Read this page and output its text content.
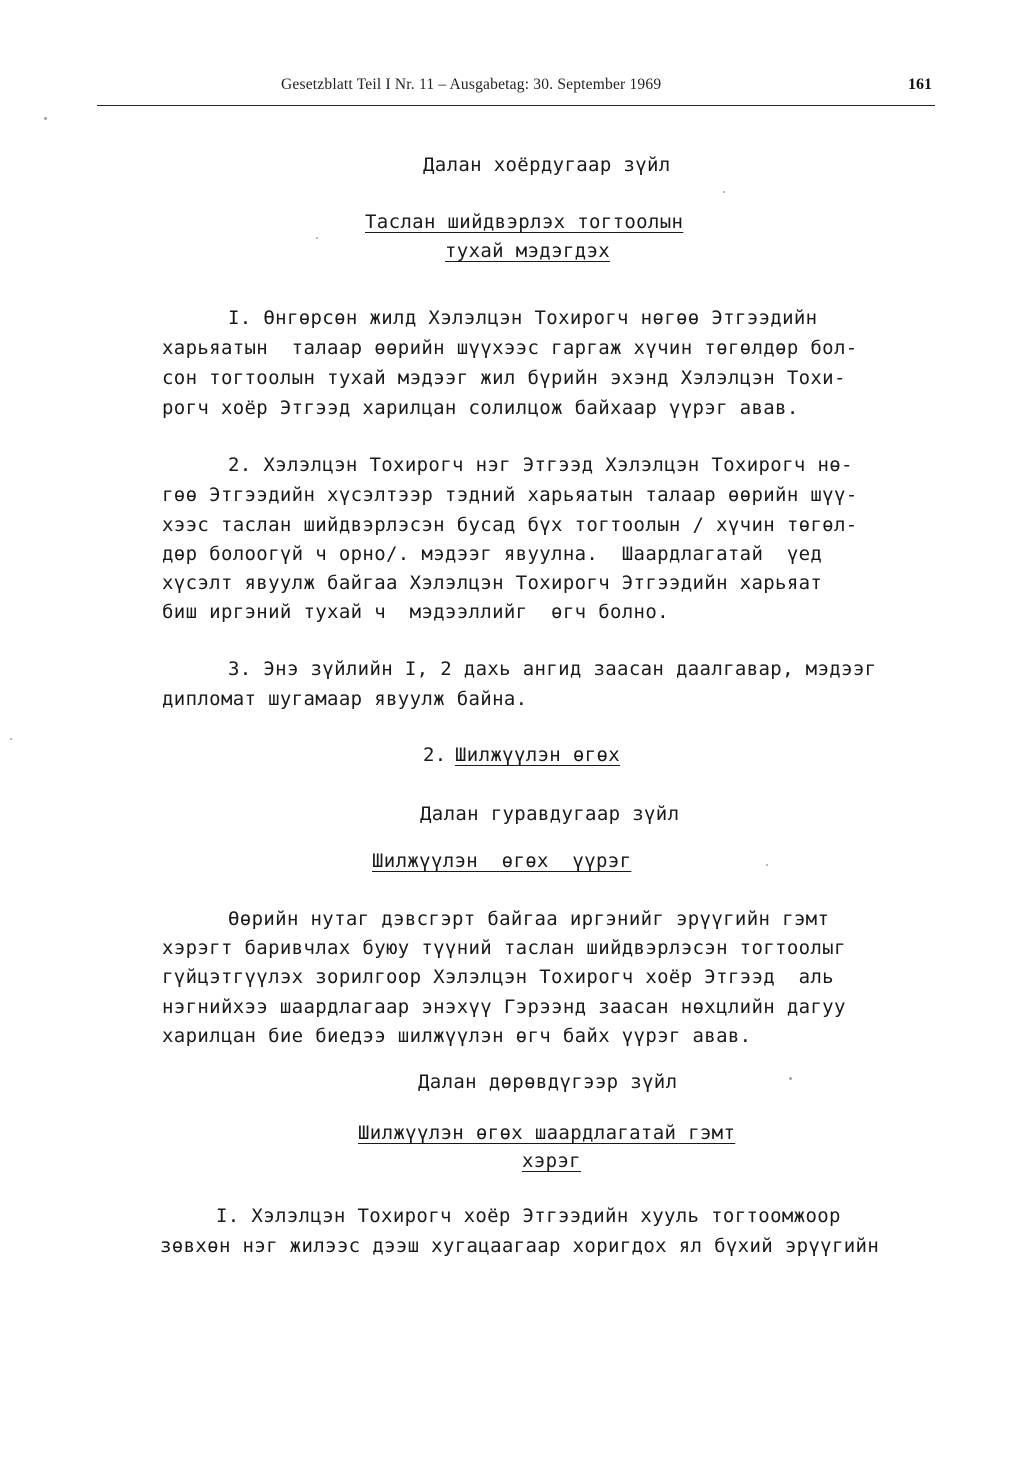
Gesetzblatt Teil I Nr. 11 – Ausgabetag: 30. September 1969	161
Далан хоёрдугаар зүйл
Таслан шийдвэрлэх тогтоолын
тухай мэдэгдэх
I. Өнгөрсөн жилд Хэлэлцэн Тохирогч нөгөө Этгээдийн
харьяатын  талаар өөрийн шүүхээс гаргаж хүчин төгөлдөр бол-
сон тогтоолын тухай мэдээг жил бүрийн эхэнд Хэлэлцэн Тохи-
рогч хоёр Этгээд харилцан солилцож байхаар үүрэг авав.
2. Хэлэлцэн Тохирогч нэг Этгээд Хэлэлцэн Тохирогч нө-
гөө Этгээдийн хүсэлтээр тэдний харьяатын талаар өөрийн шүү-
хээс таслан шийдвэрлэсэн бусад бүх тогтоолын / хүчин төгөл-
дөр болоогүй ч орно/. мэдээг явуулна.  Шаардлагатай  үед
хүсэлт явуулж байгаа Хэлэлцэн Тохирогч Этгээдийн харьяат
биш иргэний тухай ч  мэдээллийг  өгч болно.
3. Энэ зүйлийн I, 2 дахь ангид заасан даалгавар, мэдээг
дипломат шугамаар явуулж байна.
2. Шилжүүлэн өгөх
Далан гуравдугаар зүйл
Шилжүүлэн  өгөх  үүрэг
Өөрийн нутаг дэвсгэрт байгаа иргэнийг эрүүгийн гэмт
хэрэгт баривчлах буюу түүний таслан шийдвэрлэсэн тогтоолыг
гүйцэтгүүлэх зорилгоор Хэлэлцэн Тохирогч хоёр Этгээд  аль
нэгнийхээ шаардлагаар энэхүү Гэрээнд заасан нөхцлийн дагуу
харилцан бие биедээ шилжүүлэн өгч байх үүрэг авав.
Далан дөрөвдүгээр зүйл
Шилжүүлэн өгөх шаардлагатай гэмт
хэрэг
I. Хэлэлцэн Тохирогч хоёр Этгээдийн хууль тогтоомжоор
зөвхөн нэг жилээс дээш хугацаагаар хоригдох ял бүхий эрүүгийн
